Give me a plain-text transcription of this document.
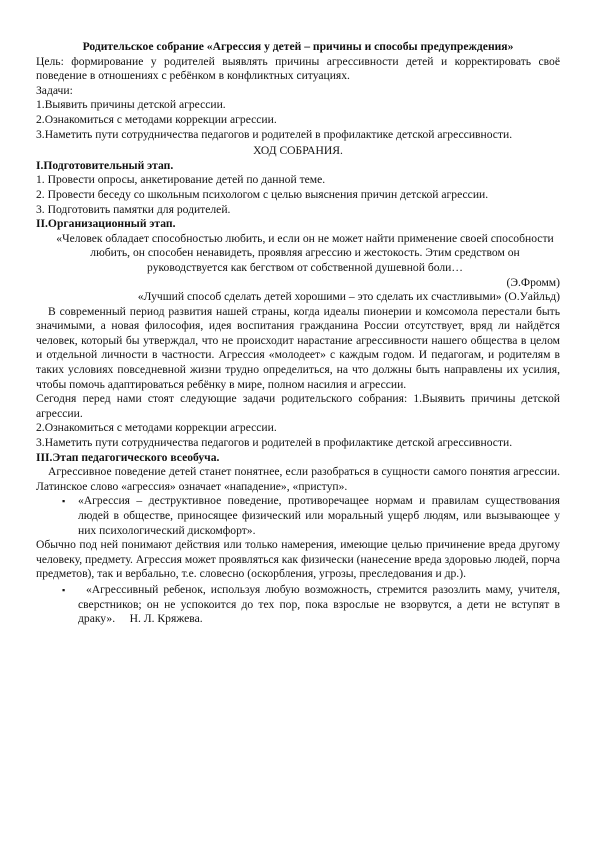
Родительское собрание «Агрессия у детей – причины и способы предупреждения»

Цель: формирование у родителей выявлять причины агрессивности детей и корректировать своё поведение в отношениях с ребёнком в конфликтных ситуациях.

Задачи:

1.Выявить причины детской агрессии.

2.Ознакомиться с методами коррекции агрессии.

3.Наметить пути сотрудничества педагогов и родителей в профилактике детской агрессивности.

ХОД СОБРАНИЯ.

I.Подготовительный этап.

1. Провести опросы, анкетирование детей по данной теме.

2. Провести беседу со школьным психологом с целью выяснения причин детской агрессии.

3. Подготовить памятки для родителей.

II.Организационный этап.

«Человек обладает способностью любить, и если он не может найти применение своей способности любить, он способен ненавидеть, проявляя агрессию и жестокость. Этим средством он руководствуется как бегством от собственной душевной боли…

(Э.Фромм)

«Лучший способ сделать детей хорошими – это сделать их счастливыми» (О.Уайльд)

В современный период развития нашей страны, когда идеалы пионерии и комсомола перестали быть значимыми, а новая философия, идея воспитания гражданина России отсутствует, вряд ли найдётся человек, который бы утверждал, что не происходит нарастание агрессивности нашего общества в целом и отдельной личности в частности. Агрессия «молодеет» с каждым годом. И педагогам, и родителям в таких условиях повседневной жизни трудно определиться, на что должны быть направлены их усилия, чтобы помочь адаптироваться ребёнку в мире, полном насилия и агрессии.

Сегодня перед нами стоят следующие задачи родительского собрания: 1.Выявить причины детской агрессии.

2.Ознакомиться с методами коррекции агрессии.

3.Наметить пути сотрудничества педагогов и родителей в профилактике детской агрессивности.

III.Этап педагогического всеобуча.

Агрессивное поведение детей станет понятнее, если разобраться в сущности самого понятия агрессии. Латинское слово «агрессия» означает «нападение», «приступ».

▪	«Агрессия – деструктивное поведение, противоречащее нормам и правилам существования людей в обществе, приносящее физический или моральный ущерб людям, или вызывающее у них психологический дискомфорт».

Обычно под ней понимают действия или только намерения, имеющие целью причинение вреда другому человеку, предмету. Агрессия может проявляться как физически (нанесение вреда здоровью людей, порча предметов), так и вербально, т.е. словесно (оскорбления, угрозы, преследования и др.).

▪	«Агрессивный ребенок, используя любую возможность, стремится разозлить маму, учителя, сверстников; он не успокоится до тех пор, пока взрослые не взорвутся, а дети не вступят в драку». Н. Л. Кряжева.
